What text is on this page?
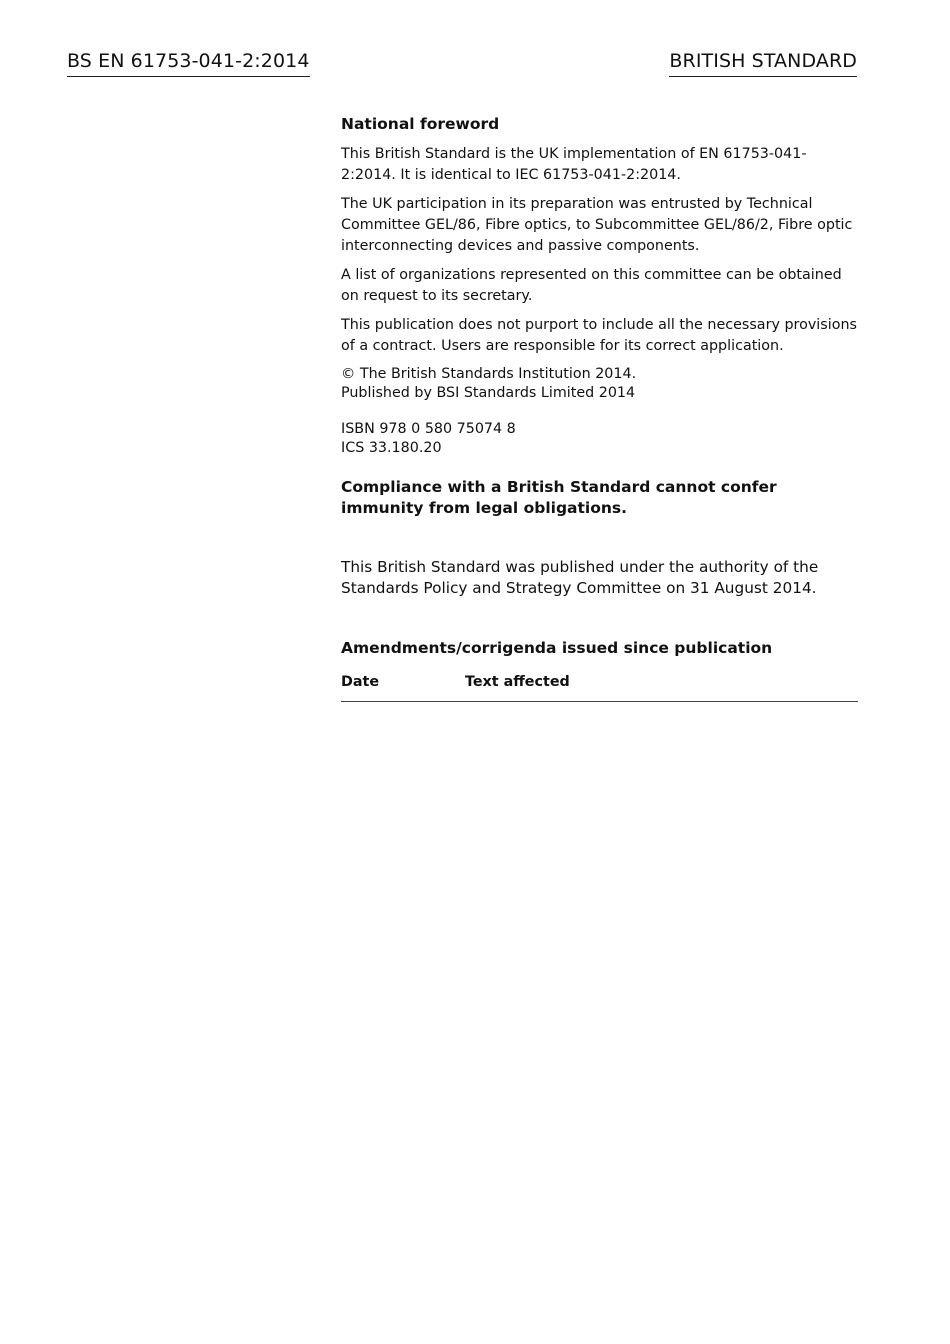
BS EN 61753-041-2:2014	BRITISH STANDARD
National foreword

This British Standard is the UK implementation of EN 61753-041-2:2014. It is identical to IEC 61753-041-2:2014.

The UK participation in its preparation was entrusted by Technical Committee GEL/86, Fibre optics, to Subcommittee GEL/86/2, Fibre optic interconnecting devices and passive components.

A list of organizations represented on this committee can be obtained on request to its secretary.

This publication does not purport to include all the necessary provisions of a contract. Users are responsible for its correct application.

© The British Standards Institution 2014.
Published by BSI Standards Limited 2014
ISBN 978 0 580 75074 8
ICS 33.180.20

Compliance with a British Standard cannot confer immunity from legal obligations.

This British Standard was published under the authority of the Standards Policy and Strategy Committee on 31 August 2014.

Amendments/corrigenda issued since publication
Date	Text affected
